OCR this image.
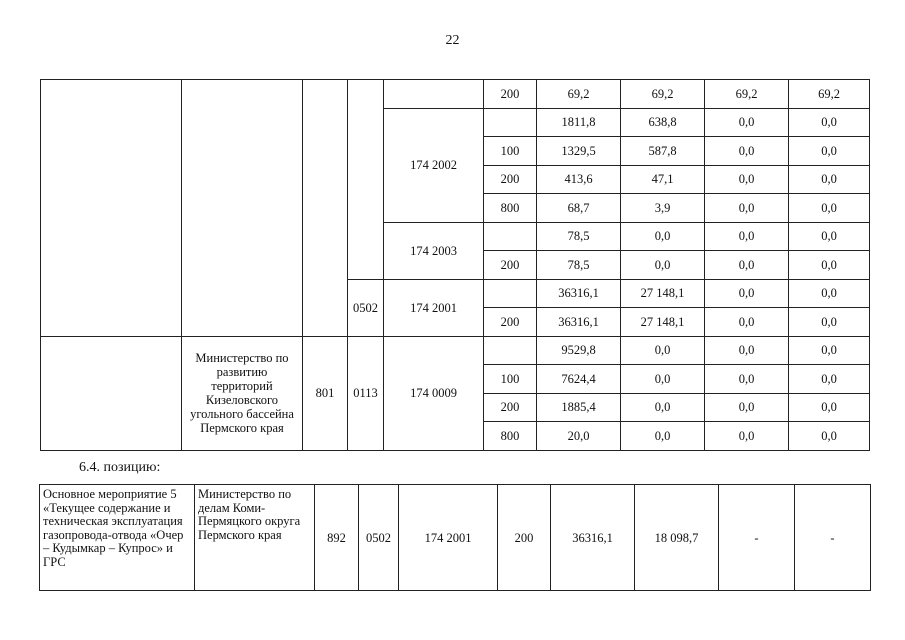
22
					200	69,2	69,2	69,2	69,2
				174 2002		1811,8	638,8	0,0	0,0
					100	1329,5	587,8	0,0	0,0
					200	413,6	47,1	0,0	0,0
					800	68,7	3,9	0,0	0,0
				174 2003		78,5	0,0	0,0	0,0
					200	78,5	0,0	0,0	0,0
			0502	174 2001		36316,1	27 148,1	0,0	0,0
					200	36316,1	27 148,1	0,0	0,0
	Министерство по развитию территорий Кизеловского угольного бассейна Пермского края	801	0113	174 0009		9529,8	0,0	0,0	0,0
					100	7624,4	0,0	0,0	0,0
					200	1885,4	0,0	0,0	0,0
					800	20,0	0,0	0,0	0,0
6.4. позицию:
Основное мероприятие 5 «Текущее содержание и техническая эксплуатация газопровода-отвода «Очер – Кудымкар – Купрос» и ГРС	Министерство по делам Коми-Пермяцкого округа Пермского края	892	0502	174 2001	200	36316,1	18 098,7	-	-
